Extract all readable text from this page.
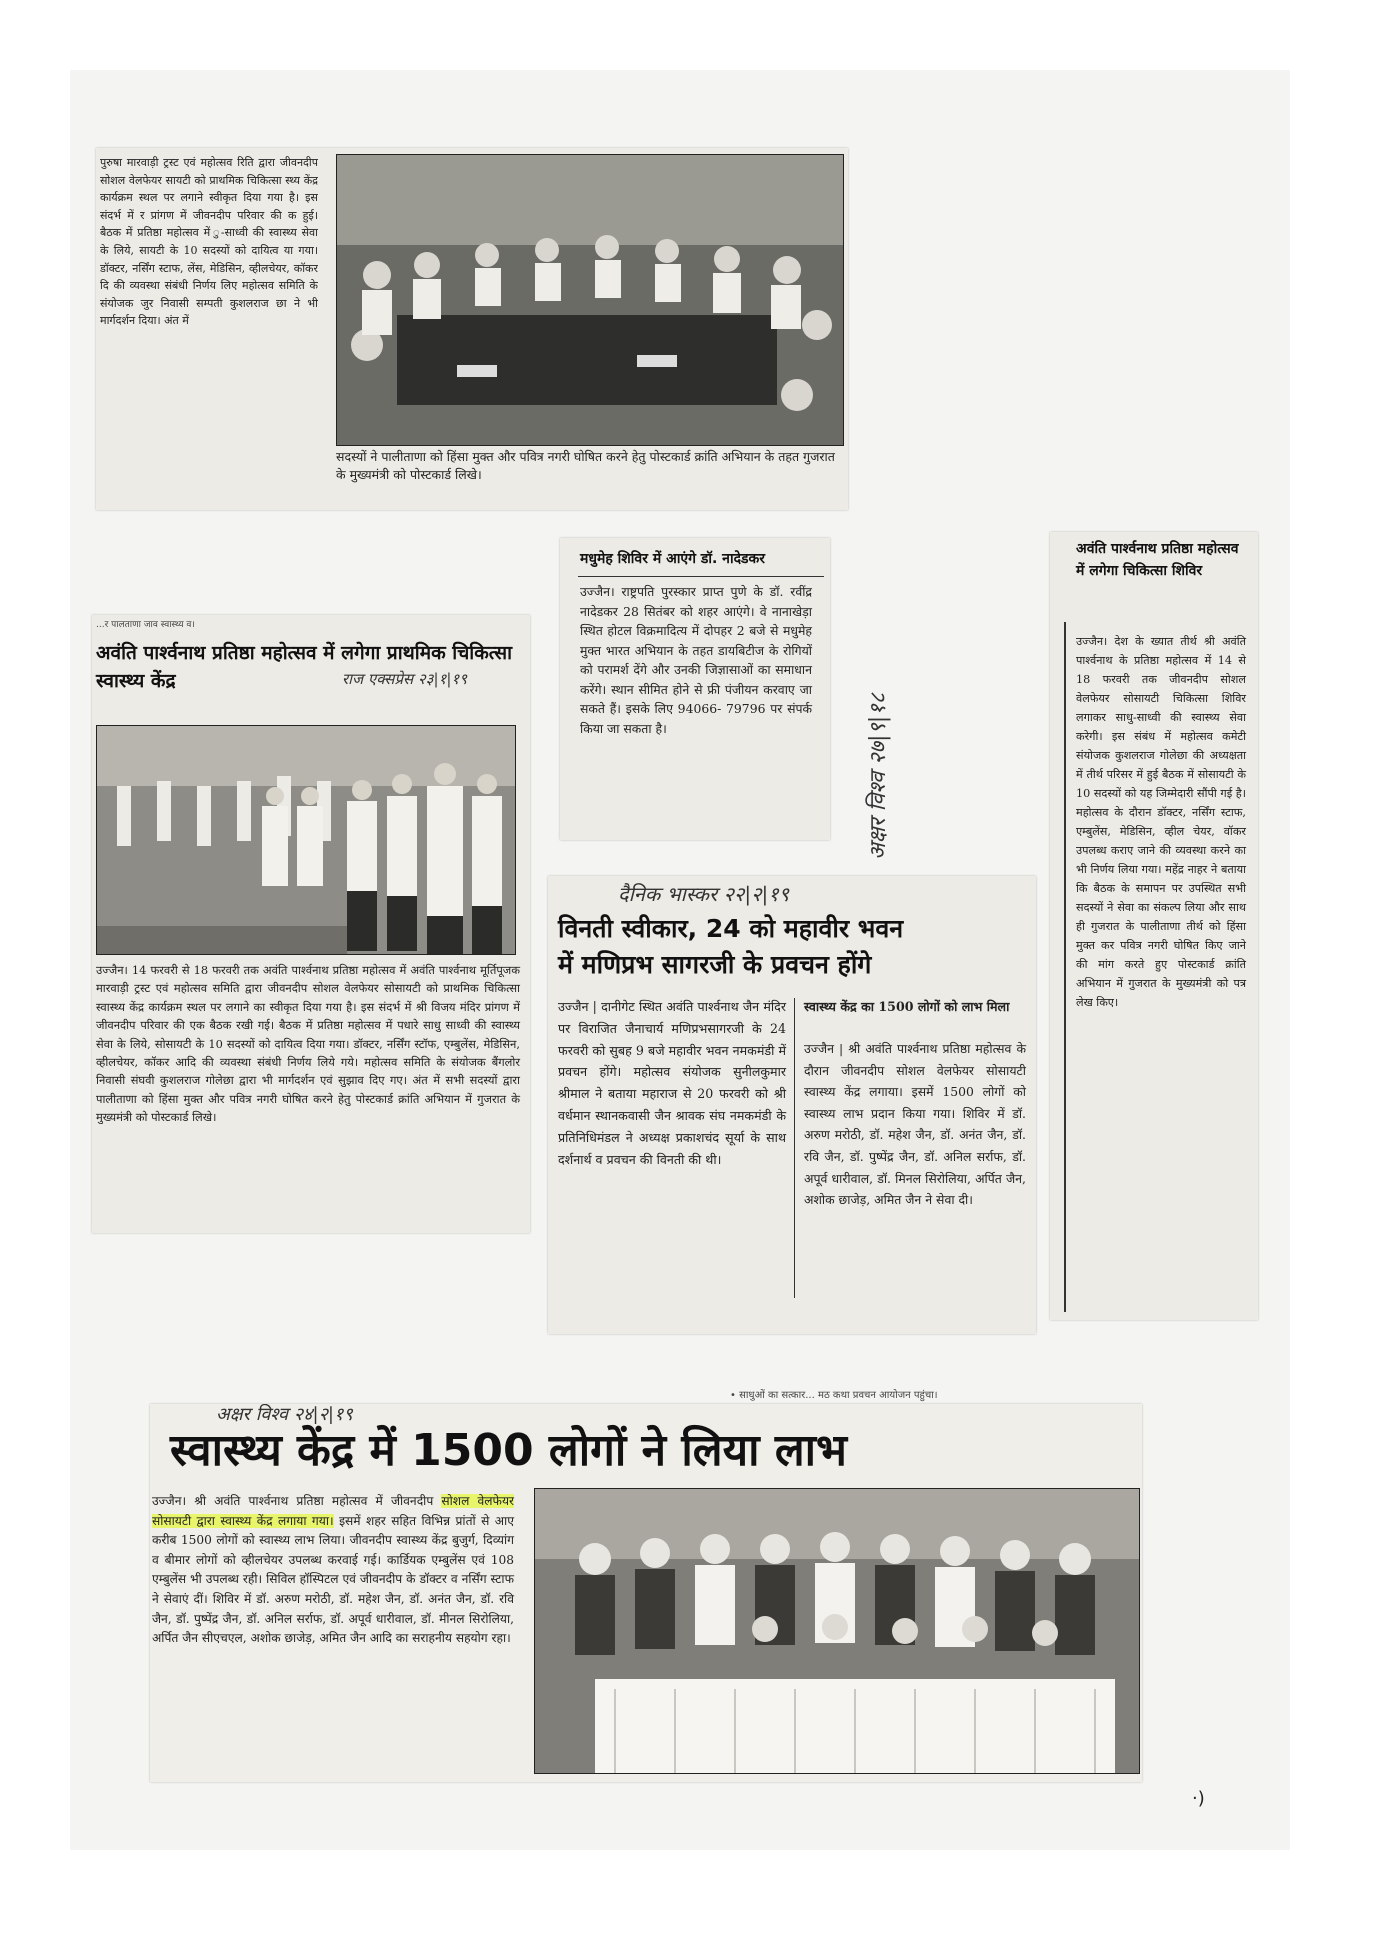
पुरुषा मारवाड़ी ट्रस्ट एवं महोत्सव रिति द्वारा जीवनदीप सोशल वेलफेयर सायटी को प्राथमिक चिकित्सा स्थ्य केंद्र कार्यक्रम स्थल पर लगाने स्वीकृत दिया गया है। इस संदर्भ में र प्रांगण में जीवनदीप परिवार की क हुई। बैठक में प्रतिष्ठा महोत्सव में ु-साध्वी की स्वास्थ्य सेवा के लिये, सायटी के 10 सदस्यों को दायित्व या गया। डॉक्टर, नर्सिंग स्टाफ, लेंस, मेडिसिन, व्हीलचेयर, कॉकर दि की व्यवस्था संबंधी निर्णय लिए महोत्सव समिति के संयोजक जुर निवासी सम्पती कुशलराज छा ने भी मार्गदर्शन दिया। अंत में
सदस्यों ने पालीताणा को हिंसा मुक्त और पवित्र नगरी घोषित करने हेतु पोस्टकार्ड क्रांति अभियान के तहत गुजरात के मुख्यमंत्री को पोस्टकार्ड लिखे।
...र पालताणा जाव स्वास्थ्य व।
अवंति पार्श्वनाथ प्रतिष्ठा महोत्सव में लगेगा प्राथमिक चिकित्सा स्वास्थ्य केंद्र	राज एक्सप्रेस २३|१|१९
उज्जैन। 14 फरवरी से 18 फरवरी तक अवंति पार्श्वनाथ प्रतिष्ठा महोत्सव में अवंति पार्श्वनाथ मूर्तिपूजक मारवाड़ी ट्रस्ट एवं महोत्सव समिति द्वारा जीवनदीप सोशल वेलफेयर सोसायटी को प्राथमिक चिकित्सा स्वास्थ्य केंद्र कार्यक्रम स्थल पर लगाने का स्वीकृत दिया गया है। इस संदर्भ में श्री विजय मंदिर प्रांगण में जीवनदीप परिवार की एक बैठक रखी गई। बैठक में प्रतिष्ठा महोत्सव में पधारे साधु साध्वी की स्वास्थ्य सेवा के लिये, सोसायटी के 10 सदस्यों को दायित्व दिया गया। डॉक्टर, नर्सिंग स्टॉफ, एम्बुलेंस, मेडिसिन, व्हीलचेयर, कॉकर आदि की व्यवस्था संबंधी निर्णय लिये गये। महोत्सव समिति के संयोजक बैंगलोर निवासी संघवी कुशलराज गोलेछा द्वारा भी मार्गदर्शन एवं सुझाव दिए गए। अंत में सभी सदस्यों द्वारा पालीताणा को हिंसा मुक्त और पवित्र नगरी घोषित करने हेतु पोस्टकार्ड क्रांति अभियान में गुजरात के मुख्यमंत्री को पोस्टकार्ड लिखे।
मधुमेह शिविर में आएंगे डॉ. नादेडकर
उज्जैन। राष्ट्रपति पुरस्कार प्राप्त पुणे के डॉ. रवींद्र नादेडकर 28 सितंबर को शहर आएंगे। वे नानाखेड़ा स्थित होटल विक्रमादित्य में दोपहर 2 बजे से मधुमेह मुक्त भारत अभियान के तहत डायबिटीज के रोगियों को परामर्श देंगे और उनकी जिज्ञासाओं का समाधान करेंगे। स्थान सीमित होने से फ्री पंजीयन करवाए जा सकते हैं। इसके लिए 94066- 79796 पर संपर्क किया जा सकता है।	अक्षर विश्व २७|९|१८
अवंति पार्श्वनाथ प्रतिष्ठा महोत्सव में लगेगा चिकित्सा शिविर
उज्जैन। देश के ख्यात तीर्थ श्री अवंति पार्श्वनाथ के प्रतिष्ठा महोत्सव में 14 से 18 फरवरी तक जीवनदीप सोशल वेलफेयर सोसायटी चिकित्सा शिविर लगाकर साधु-साध्वी की स्वास्थ्य सेवा करेगी। इस संबंध में महोत्सव कमेटी संयोजक कुशलराज गोलेछा की अध्यक्षता में तीर्थ परिसर में हुई बैठक में सोसायटी के 10 सदस्यों को यह जिम्मेदारी सौंपी गई है। महोत्सव के दौरान डॉक्टर, नर्सिंग स्टाफ, एम्बुलेंस, मेडिसिन, व्हील चेयर, वॉकर उपलब्ध कराए जाने की व्यवस्था करने का भी निर्णय लिया गया। महेंद्र नाहर ने बताया कि बैठक के समापन पर उपस्थित सभी सदस्यों ने सेवा का संकल्प लिया और साथ ही गुजरात के पालीताणा तीर्थ को हिंसा मुक्त कर पवित्र नगरी घोषित किए जाने की मांग करते हुए पोस्टकार्ड क्रांति अभियान में गुजरात के मुख्यमंत्री को पत्र लेख किए।
दैनिक भास्कर २२|२|१९
विनती स्वीकार, 24 को महावीर भवन
में मणिप्रभ सागरजी के प्रवचन होंगे
उज्जैन | दानीगेट स्थित अवंति पार्श्वनाथ जैन मंदिर पर विराजित जैनाचार्य मणिप्रभसागरजी के 24 फरवरी को सुबह 9 बजे महावीर भवन नमकमंडी में प्रवचन होंगे। महोत्सव संयोजक सुनीलकुमार श्रीमाल ने बताया महाराज से 20 फरवरी को श्री वर्धमान स्थानकवासी जैन श्रावक संघ नमकमंडी के प्रतिनिधिमंडल ने अध्यक्ष प्रकाशचंद सूर्या के साथ दर्शनार्थ व प्रवचन की विनती की थी।
स्वास्थ्य केंद्र का 1500 लोगों को लाभ मिला
उज्जैन | श्री अवंति पार्श्वनाथ प्रतिष्ठा महोत्सव के दौरान जीवनदीप सोशल वेलफेयर सोसायटी स्वास्थ्य केंद्र लगाया। इसमें 1500 लोगों को स्वास्थ्य लाभ प्रदान किया गया। शिविर में डॉ. अरुण मरोठी, डॉ. महेश जैन, डॉ. अनंत जैन, डॉ. रवि जैन, डॉ. पुष्पेंद्र जैन, डॉ. अनिल सर्राफ, डॉ. अपूर्व धारीवाल, डॉ. मिनल सिरोलिया, अर्पित जैन, अशोक छाजेड़, अमित जैन ने सेवा दी।
• साधुओं का सत्कार... मठ कथा प्रवचन आयोजन पहुंचा।
अक्षर विश्व २४|२|१९
स्वास्थ्य केंद्र में 1500 लोगों ने लिया लाभ
उज्जैन। श्री अवंति पार्श्वनाथ प्रतिष्ठा महोत्सव में जीवनदीप सोशल वेलफेयर सोसायटी द्वारा स्वास्थ्य केंद्र लगाया गया। इसमें शहर सहित विभिन्न प्रांतों से आए करीब 1500 लोगों को स्वास्थ्य लाभ लिया। जीवनदीप स्वास्थ्य केंद्र बुजुर्ग, दिव्यांग व बीमार लोगों को व्हीलचेयर उपलब्ध करवाई गई। कार्डियक एम्बुलेंस एवं 108 एम्बुलेंस भी उपलब्ध रही। सिविल हॉस्पिटल एवं जीवनदीप के डॉक्टर व नर्सिंग स्टाफ ने सेवाएं दीं। शिविर में डॉ. अरुण मरोठी, डॉ. महेश जैन, डॉ. अनंत जैन, डॉ. रवि जैन, डॉ. पुष्पेंद्र जैन, डॉ. अनिल सर्राफ, डॉ. अपूर्व धारीवाल, डॉ. मीनल सिरोलिया, अर्पित जैन सीएचएल, अशोक छाजेड़, अमित जैन आदि का सराहनीय सहयोग रहा।
·)
